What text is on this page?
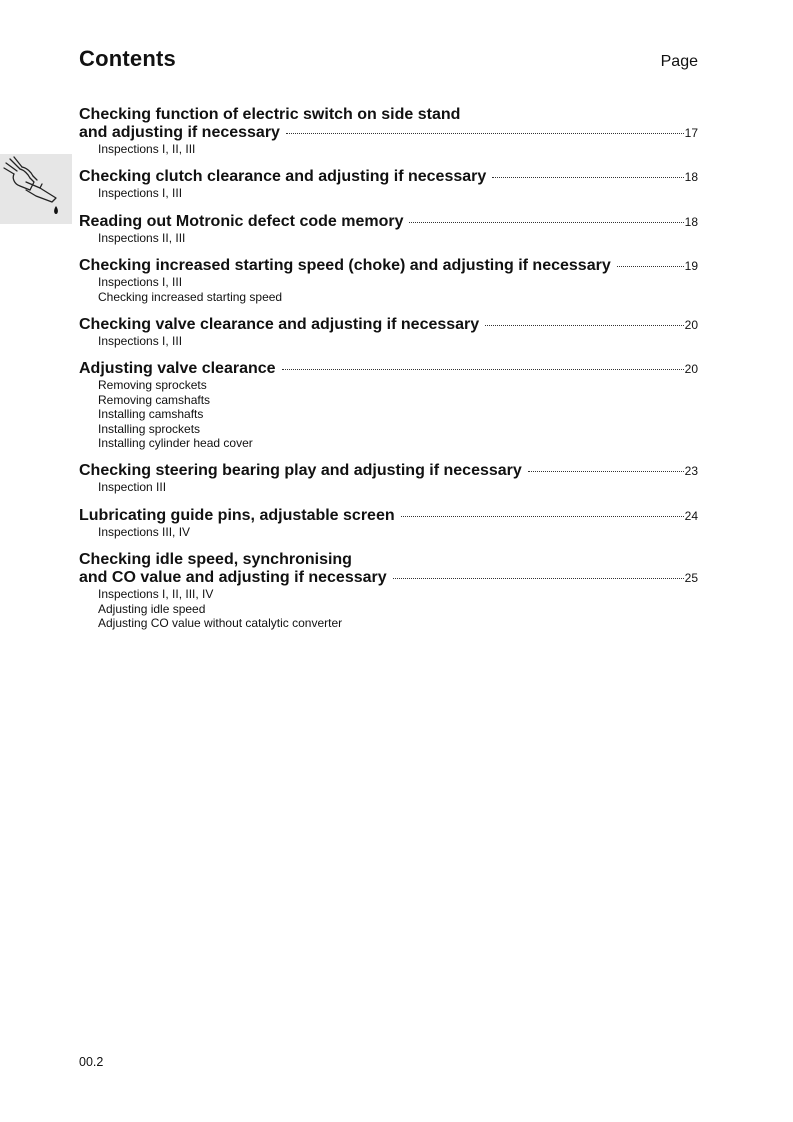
Contents	Page
Checking function of electric switch on side stand
and adjusting if necessary	17
Inspections I, II, III
Checking clutch clearance and adjusting if necessary	18
Inspections I, III
Reading out Motronic defect code memory	18
Inspections II, III
Checking increased starting speed (choke) and adjusting if necessary	19
Inspections I, III
Checking increased starting speed
Checking valve clearance and adjusting if necessary	20
Inspections I, III
Adjusting valve clearance	20
Removing sprockets
Removing camshafts
Installing camshafts
Installing sprockets
Installing cylinder head cover
Checking steering bearing play and adjusting if necessary	23
Inspection III
Lubricating guide pins, adjustable screen	24
Inspections III, IV
Checking idle speed, synchronising
and CO value and adjusting if necessary	25
Inspections I, II, III, IV
Adjusting idle speed
Adjusting CO value without catalytic converter
00.2
